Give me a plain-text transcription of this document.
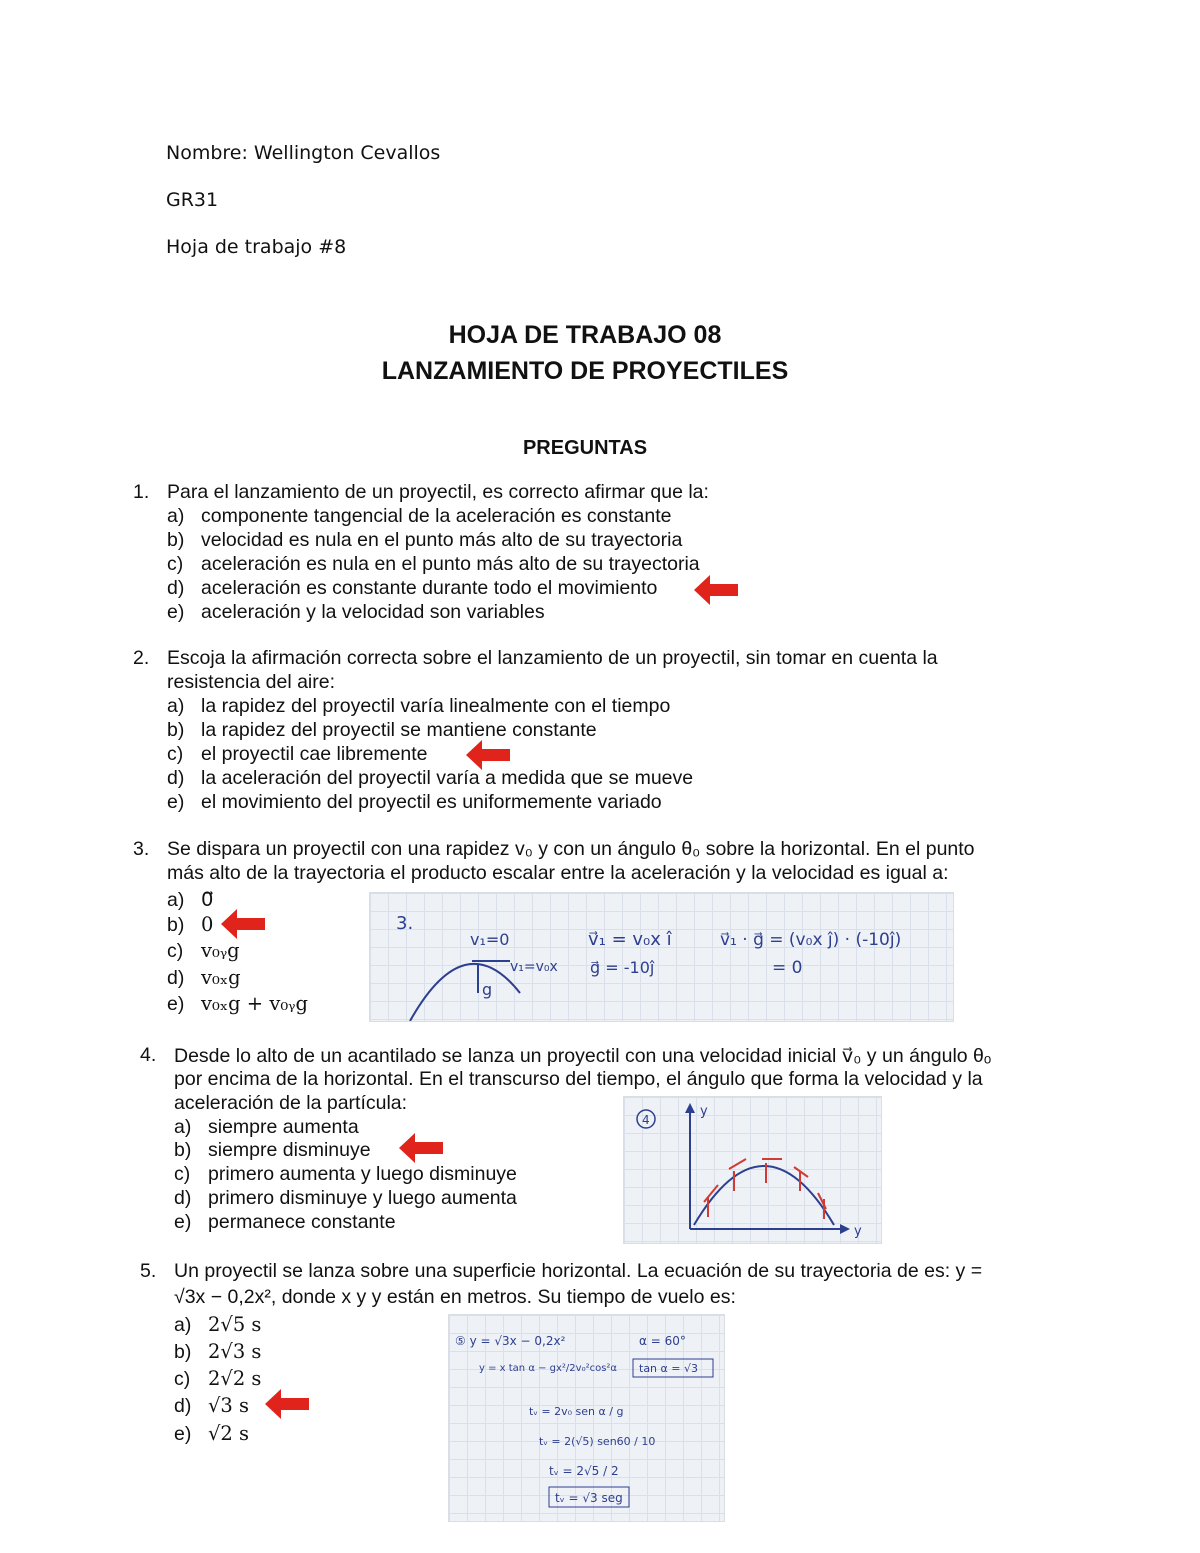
Nombre: Wellington Cevallos
GR31
Hoja de trabajo #8
HOJA DE TRABAJO 08
LANZAMIENTO DE PROYECTILES
PREGUNTAS
1. Para el lanzamiento de un proyectil, es correcto afirmar que la:
a) componente tangencial de la aceleración es constante
b) velocidad es nula en el punto más alto de su trayectoria
c) aceleración es nula en el punto más alto de su trayectoria
d) aceleración es constante durante todo el movimiento
e) aceleración y la velocidad son variables
2. Escoja la afirmación correcta sobre el lanzamiento de un proyectil, sin tomar en cuenta la
resistencia del aire:
a) la rapidez del proyectil varía linealmente con el tiempo
b) la rapidez del proyectil se mantiene constante
c) el proyectil cae libremente
d) la aceleración del proyectil varía a medida que se mueve
e) el movimiento del proyectil es uniformemente variado
3. Se dispara un proyectil con una rapidez v₀ y con un ángulo θ₀ sobre la horizontal. En el punto
más alto de la trayectoria el producto escalar entre la aceleración y la velocidad es igual a:
a) 0⃗
b) 0
c) v₀ᵧg
d) v₀ₓg
e) v₀ₓg + v₀ᵧg
3.
g
v₁=0
v₁=v₀x
v⃗₁ = v₀x î
g⃗ = -10ĵ
v⃗₁ · g⃗ = (v₀x ĵ) · (-10ĵ)
= 0
4. Desde lo alto de un acantilado se lanza un proyectil con una velocidad inicial v⃗₀ y un ángulo θₒ
por encima de la horizontal. En el transcurso del tiempo, el ángulo que forma la velocidad y la
aceleración de la partícula:
a) siempre aumenta
b) siempre disminuye
c) primero aumenta y luego disminuye
d) primero disminuye y luego aumenta
e) permanece constante
4
y
y
5. Un proyectil se lanza sobre una superficie horizontal. La ecuación de su trayectoria de es: y =
√3x − 0,2x², donde x y y están en metros. Su tiempo de vuelo es:
a) 2√5 s
b) 2√3 s
c) 2√2 s
d) √3 s
e) √2 s
⑤ y = √3x − 0,2x²	α = 60°
y = x tan α − gx²/2v₀²cos²α tan α = √3
tᵥ = 2v₀ sen α / g
tᵥ = 2(√5) sen60 / 10
tᵥ = 2√5 / 2
tᵥ = √3 seg
